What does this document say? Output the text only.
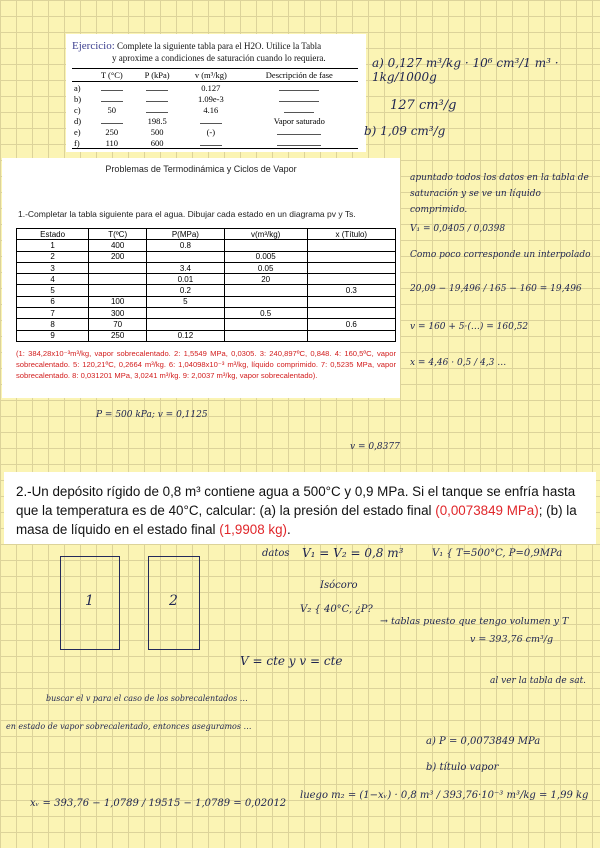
Ejercicio: Complete la siguiente tabla para el H2O. Utilice la Tabla
y aproxime a condiciones de saturación cuando lo requiera.
	T (°C)	P (kPa)	v (m³/kg)	Descripción de fase
a)			0.127	
b)			1.09e-3	
c)	50		4.16	
d)		198.5		Vapor saturado
e)	250	500	(-)	
f)	110	600		
a) 0,127 m³/kg · 10⁶ cm³/1 m³ · 1kg/1000g
127 cm³/g
b) 1,09 cm³/g
Problemas de Termodinámica y Ciclos de Vapor
1.-Completar la tabla siguiente para el agua. Dibujar cada estado en un diagrama pv y Ts.
Estado	T(ºC)	P(MPa)	v(m³/kg)	x (Título)
1	400	0.8		
2	200		0.005	
3		3.4	0.05	
4		0.01	20	
5		0.2		0.3
6	100	5		
7	300		0.5	
8	70			0.6
9	250	0.12		
(1: 384,28x10⁻³m³/kg, vapor sobrecalentado. 2: 1,5549 MPa, 0,0305. 3: 240,897ºC, 0,848. 4: 160,5ºC, vapor sobrecalentado. 5: 120,21ºC, 0,2664 m³/kg. 6: 1,04098x10⁻³ m³/kg, líquido comprimido. 7: 0,5235 MPa, vapor sobrecalentado. 8: 0,031201 MPa, 3,0241 m³/kg. 9: 2,0037 m³/kg, vapor sobrecalentado).
apuntado todos los datos en la tabla de saturación y se ve un líquido comprimido.
V₁ = 0,0405 / 0,0398
Como poco corresponde un interpolado
20,09 − 19,496 / 165 − 160 = 19,496
v = 160 + 5·(…) = 160,52
x = 4,46 · 0,5 / 4,3 …
P = 500 kPa; v = 0,1125
v = 0,8377
2.-Un depósito rígido de 0,8 m³ contiene agua a 500°C y 0,9 MPa. Si el tanque se enfría hasta que la temperatura es de 40°C, calcular: (a) la presión del estado final (0,0073849 MPa); (b) la masa de líquido en el estado final (1,9908 kg).
1	2
datos V₁ = V₂ = 0,8 m³	V₁ { T=500°C, P=0,9MPa
Isócoro
V₂ { 40°C, ¿P?
→ tablas puesto que tengo volumen y T
V = cte y v = cte
v = 393,76 cm³/g
al ver la tabla de sat.
a) P = 0,0073849 MPa
b) título vapor
buscar el v para el caso de los sobrecalentados …
en estado de vapor sobrecalentado, entonces aseguramos …
xᵥ = 393,76 − 1,0789 / 19515 − 1,0789 = 0,02012
luego m₂ = (1−xᵥ) · 0,8 m³ / 393,76·10⁻³ m³/kg = 1,99 kg
